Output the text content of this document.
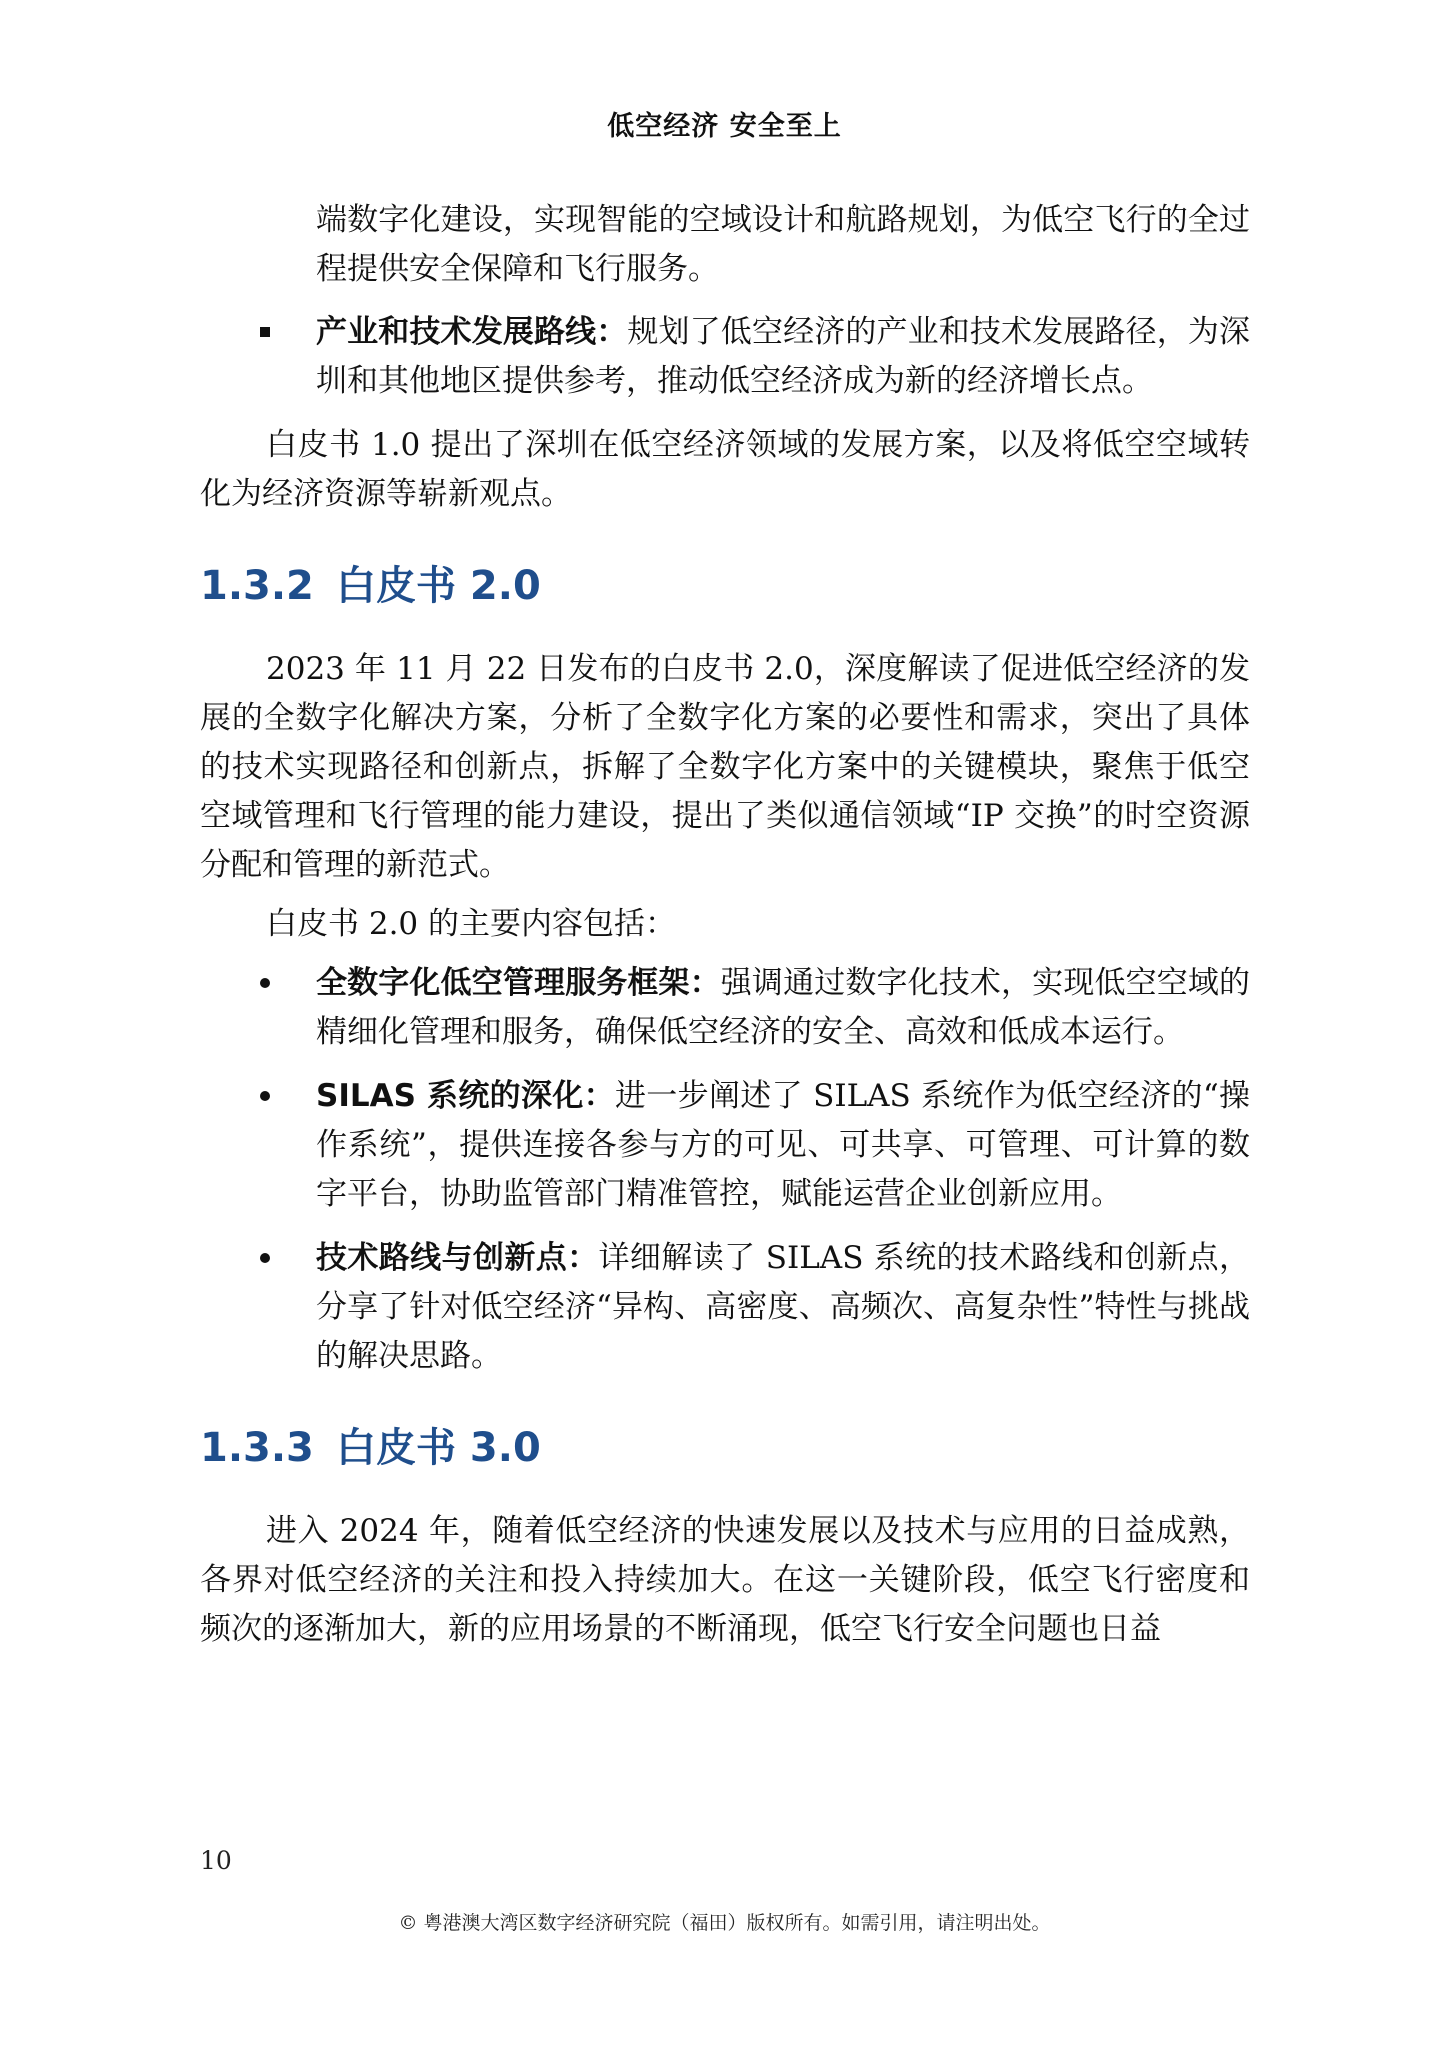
低空经济 安全至上

端数字化建设，实现智能的空域设计和航路规划，为低空飞行的全过程提供安全保障和飞行服务。

产业和技术发展路线：规划了低空经济的产业和技术发展路径，为深圳和其他地区提供参考，推动低空经济成为新的经济增长点。

白皮书 1.0 提出了深圳在低空经济领域的发展方案，以及将低空空域转化为经济资源等崭新观点。

1.3.2 白皮书 2.0

2023 年 11 月 22 日发布的白皮书 2.0，深度解读了促进低空经济的发展的全数字化解决方案，分析了全数字化方案的必要性和需求，突出了具体的技术实现路径和创新点，拆解了全数字化方案中的关键模块，聚焦于低空空域管理和飞行管理的能力建设，提出了类似通信领域“IP 交换”的时空资源分配和管理的新范式。

白皮书 2.0 的主要内容包括：

全数字化低空管理服务框架：强调通过数字化技术，实现低空空域的精细化管理和服务，确保低空经济的安全、高效和低成本运行。
SILAS 系统的深化：进一步阐述了 SILAS 系统作为低空经济的“操作系统”，提供连接各参与方的可见、可共享、可管理、可计算的数字平台，协助监管部门精准管控，赋能运营企业创新应用。
技术路线与创新点：详细解读了 SILAS 系统的技术路线和创新点，分享了针对低空经济“异构、高密度、高频次、高复杂性”特性与挑战的解决思路。
1.3.3 白皮书 3.0

进入 2024 年，随着低空经济的快速发展以及技术与应用的日益成熟，各界对低空经济的关注和投入持续加大。在这一关键阶段，低空飞行密度和频次的逐渐加大，新的应用场景的不断涌现，低空飞行安全问题也日益

10
© 粤港澳大湾区数字经济研究院（福田）版权所有。如需引用，请注明出处。
